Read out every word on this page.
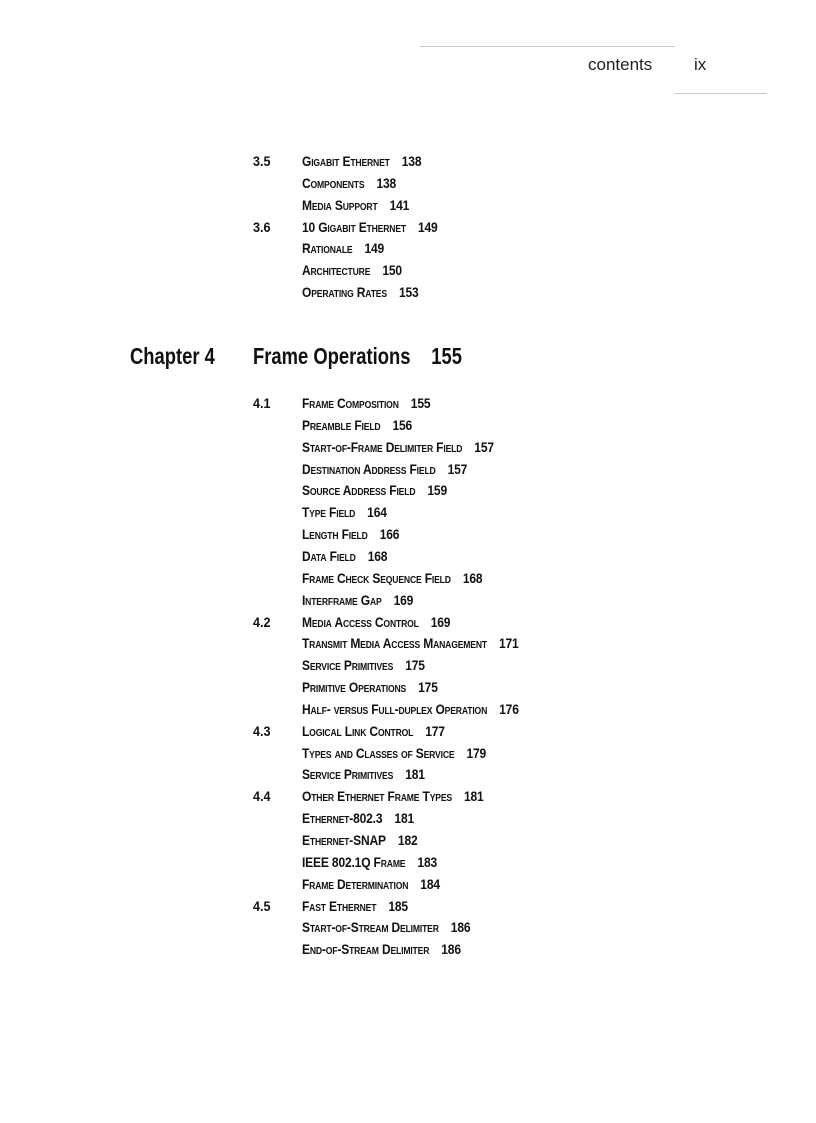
contents ix
Chapter 4 Frame Operations 155
3.5 Gigabit Ethernet 138
Components 138
Media Support 141
3.6 10 Gigabit Ethernet 149
Rationale 149
Architecture 150
Operating Rates 153
4.1 Frame Composition 155
Preamble Field 156
Start-of-Frame Delimiter Field 157
Destination Address Field 157
Source Address Field 159
Type Field 164
Length Field 166
Data Field 168
Frame Check Sequence Field 168
Interframe Gap 169
4.2 Media Access Control 169
Transmit Media Access Management 171
Service Primitives 175
Primitive Operations 175
Half- versus Full-duplex Operation 176
4.3 Logical Link Control 177
Types and Classes of Service 179
Service Primitives 181
4.4 Other Ethernet Frame Types 181
Ethernet-802.3 181
Ethernet-SNAP 182
IEEE 802.1Q Frame 183
Frame Determination 184
4.5 Fast Ethernet 185
Start-of-Stream Delimiter 186
End-of-Stream Delimiter 186
